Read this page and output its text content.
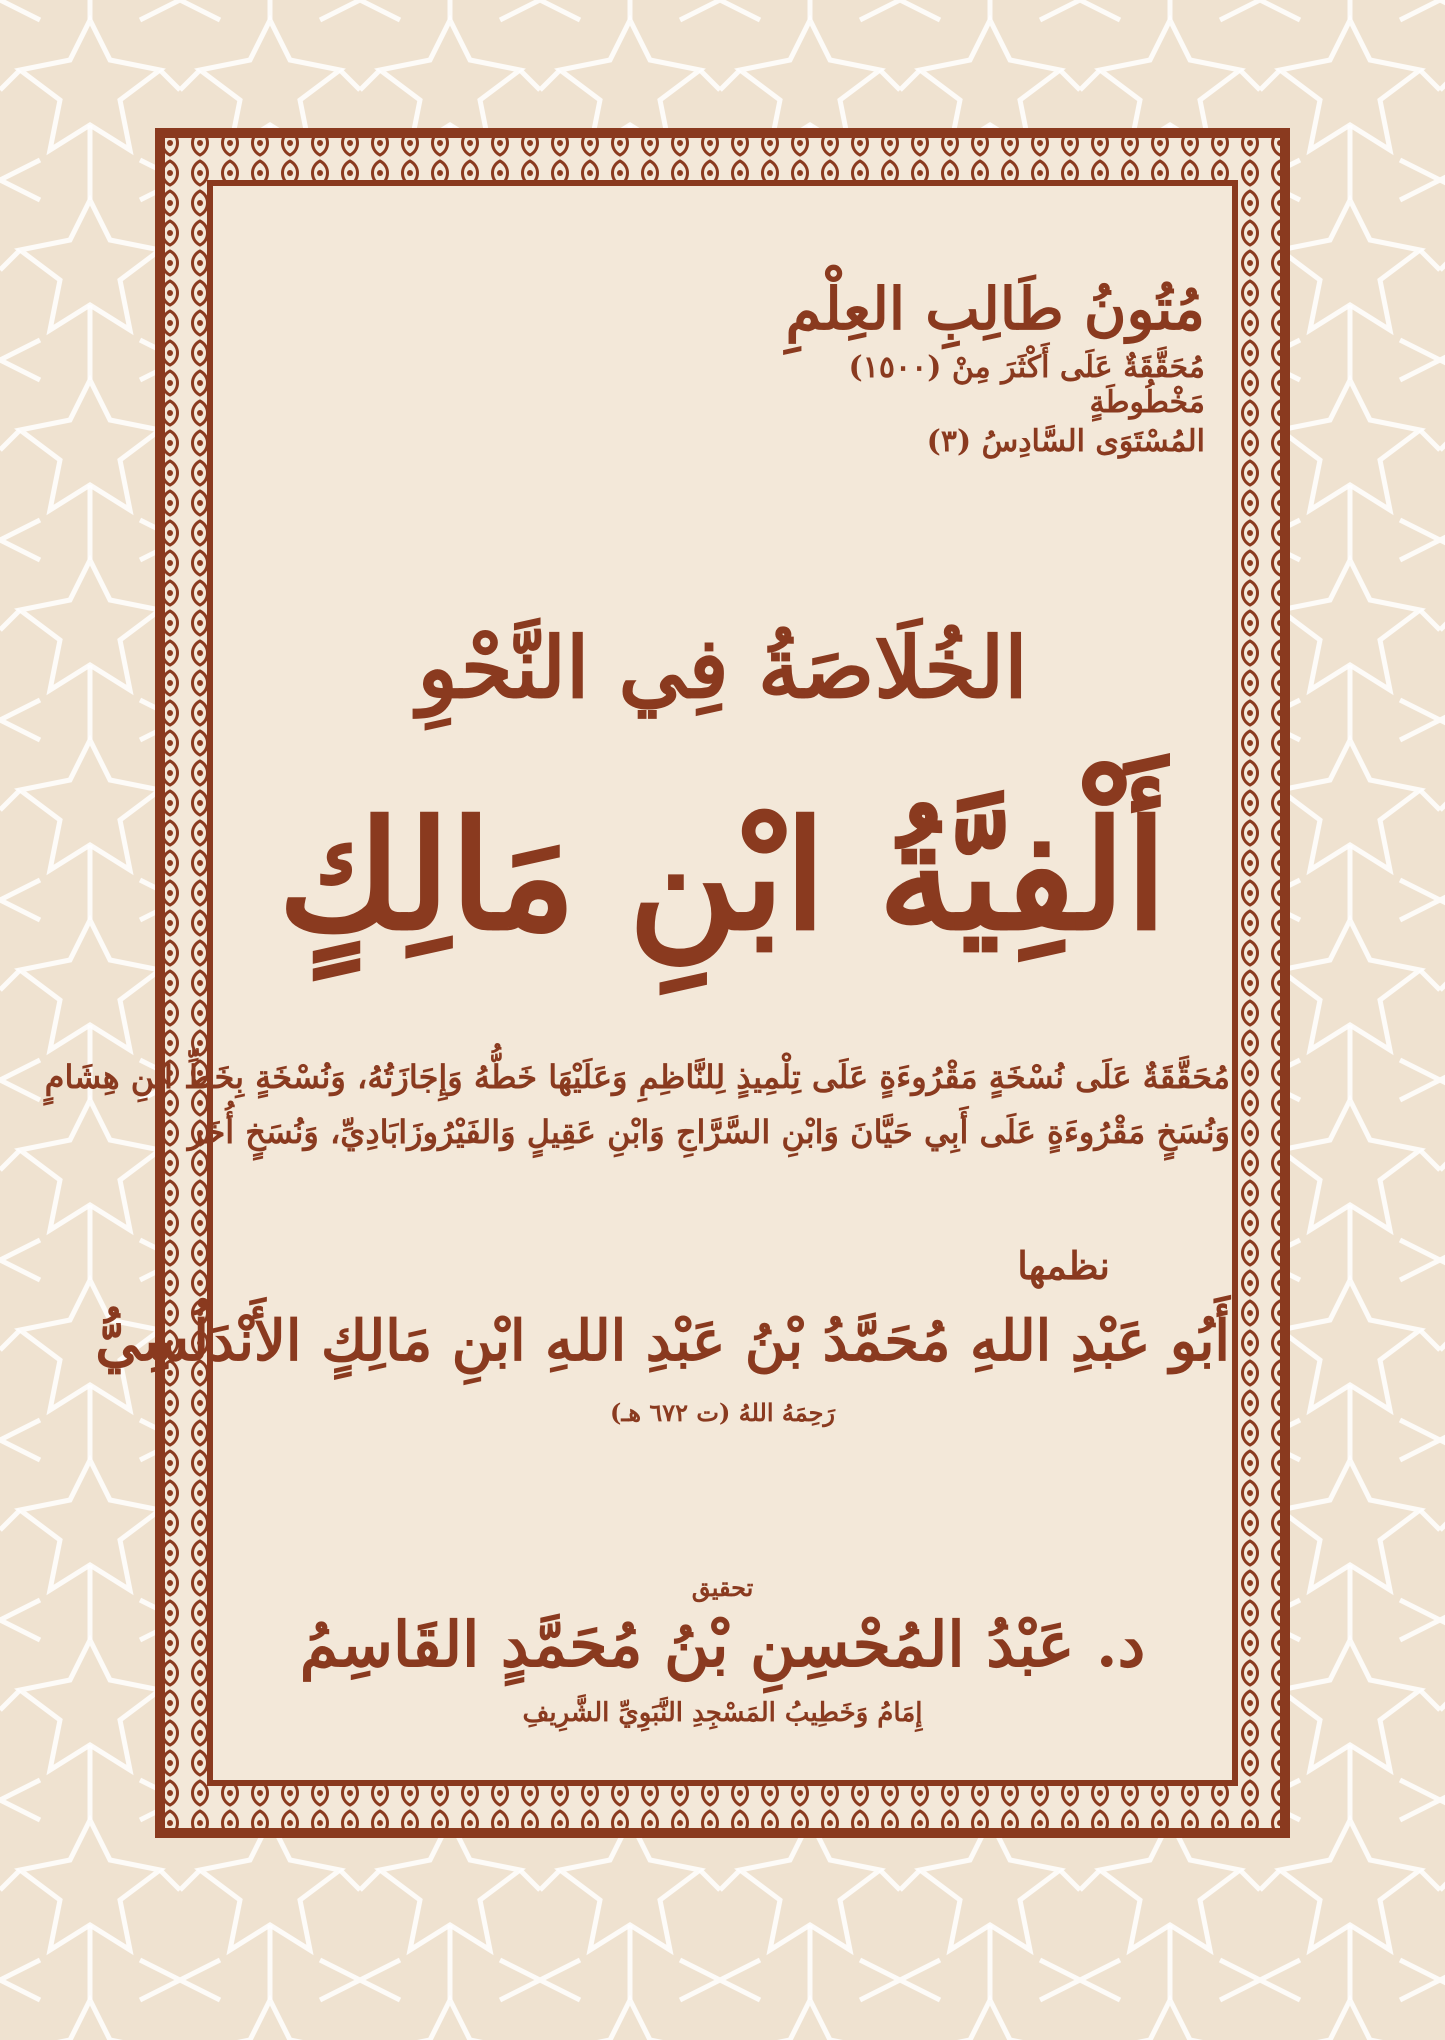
مُتُونُ طَالِبِ العِلْمِ
مُحَقَّقَةٌ عَلَى أَكْثَرَ مِنْ (١٥٠٠) مَخْطُوطَةٍ
المُسْتَوَى السَّادِسُ (٣)
الخُلَاصَةُ فِي النَّحْوِ
أَلْفِيَّةُ ابْنِ مَالِكٍ
مُحَقَّقَةٌ عَلَى نُسْخَةٍ مَقْرُوءَةٍ عَلَى تِلْمِيذٍ لِلنَّاظِمِ وَعَلَيْهَا خَطُّهُ وَإِجَازَتُهُ، وَنُسْخَةٍ بِخَطِّ ابْنِ هِشَامٍ
وَنُسَخٍ مَقْرُوءَةٍ عَلَى أَبِي حَيَّانَ وَابْنِ السَّرَّاجِ وَابْنِ عَقِيلٍ وَالفَيْرُوزَابَادِيِّ، وَنُسَخٍ أُخَر
نظمها
أَبُو عَبْدِ اللهِ مُحَمَّدُ بْنُ عَبْدِ اللهِ ابْنِ مَالِكٍ الأَنْدَلُسِيُّ
رَحِمَهُ اللهُ (ت ٦٧٢ هـ)
تحقيق
د. عَبْدُ المُحْسِنِ بْنُ مُحَمَّدٍ القَاسِمُ
إِمَامُ وَخَطِيبُ المَسْجِدِ النَّبَوِيِّ الشَّرِيفِ
